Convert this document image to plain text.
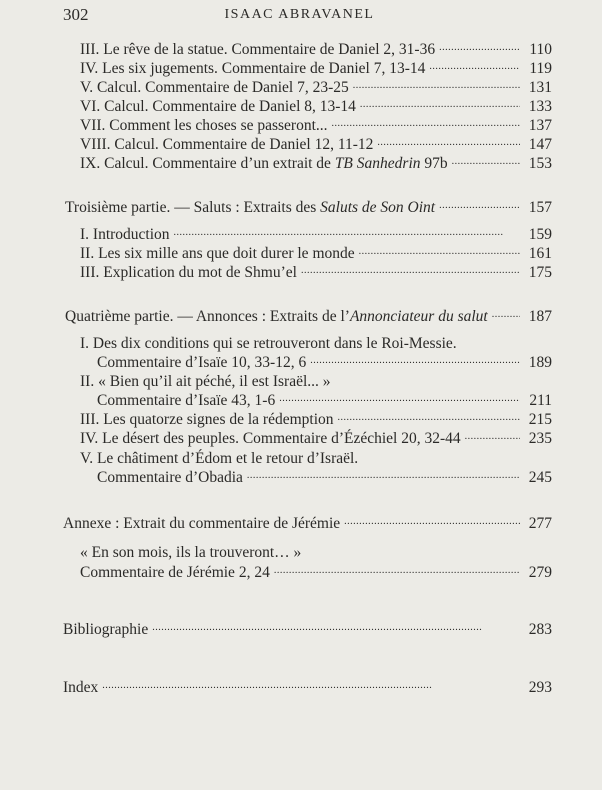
302	ISAAC ABRAVANEL
III. Le rêve de la statue. Commentaire de Daniel 2, 31-36 . . .	110
IV. Les six jugements. Commentaire de Daniel 7, 13-14 . . .	119
V. Calcul. Commentaire de Daniel 7, 23-25 . . .	131
VI. Calcul. Commentaire de Daniel 8, 13-14 . . .	133
VII. Comment les choses se passeront... . . .	137
VIII. Calcul. Commentaire de Daniel 12, 11-12 . . .	147
IX. Calcul. Commentaire d’un extrait de TB Sanhedrin 97b . . .	153
Troisième partie. — Saluts : Extraits des Saluts de Son Oint . . .	157
I. Introduction . . .	159
II. Les six mille ans que doit durer le monde . . .	161
III. Explication du mot de Shmu’el . . .	175
Quatrième partie. — Annonces : Extraits de l’Annonciateur du salut . . .	187
I. Des dix conditions qui se retrouveront dans le Roi-Messie.
Commentaire d’Isaïe 10, 33-12, 6 . . .	189
II. « Bien qu’il ait péché, il est Israël... »
Commentaire d’Isaïe 43, 1-6 . . .	211
III. Les quatorze signes de la rédemption . . .	215
IV. Le désert des peuples. Commentaire d’Ézéchiel 20, 32-44 . . .	235
V. Le châtiment d’Édom et le retour d’Israël.
Commentaire d’Obadia . . .	245
Annexe : Extrait du commentaire de Jérémie . . .	277
« En son mois, ils la trouveront… »
Commentaire de Jérémie 2, 24 . . .	279
Bibliographie . . .	283
Index . . .	293
